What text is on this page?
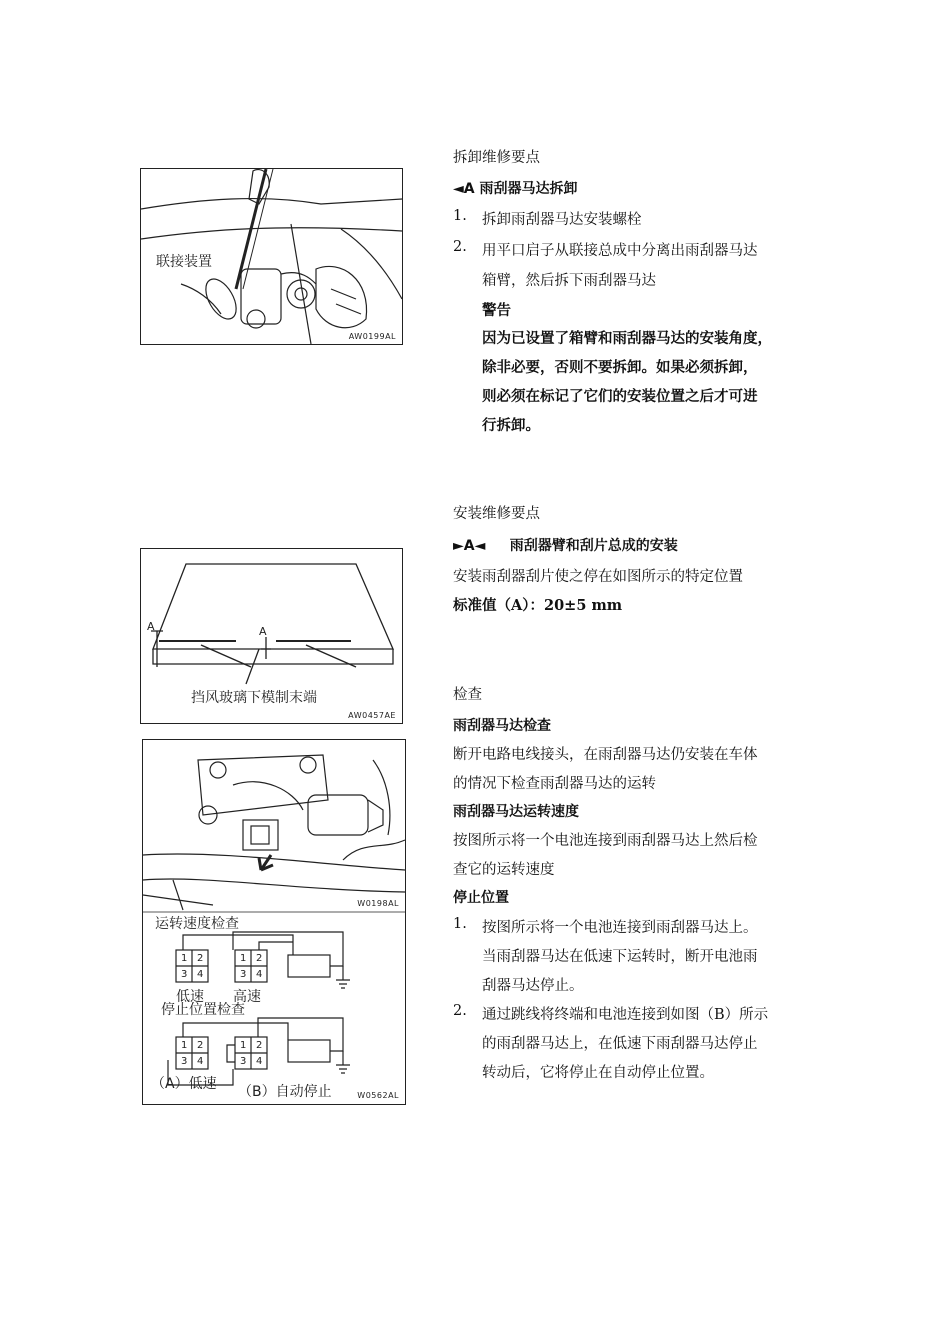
联接装置
AW0199AL
A	A
挡风玻璃下模制末端
AW0457AE
W0198AL
运转速度检查
1 2
3 4
1 2
3 4
低速 高速
停止位置检查
1 2
3 4
1 2
3 4
（A）低速 （B）自动停止	W0562AL
拆卸维修要点
◄A 雨刮器马达拆卸
1. 拆卸雨刮器马达安装螺栓
2. 用平口启子从联接总成中分离出雨刮器马达
箱臂，然后拆下雨刮器马达
警告
因为已设置了箱臂和雨刮器马达的安装角度，
除非必要，否则不要拆卸。如果必须拆卸，
则必须在标记了它们的安装位置之后才可进
行拆卸。
安装维修要点
►A◄     雨刮器臂和刮片总成的安装
安装雨刮器刮片使之停在如图所示的特定位置
标准值（A）：20±5 mm
检查
雨刮器马达检查
断开电路电线接头，在雨刮器马达仍安装在车体
的情况下检查雨刮器马达的运转
雨刮器马达运转速度
按图所示将一个电池连接到雨刮器马达上然后检
查它的运转速度
停止位置
1. 按图所示将一个电池连接到雨刮器马达上。
当雨刮器马达在低速下运转时，断开电池雨
刮器马达停止。
2. 通过跳线将终端和电池连接到如图（B）所示
的雨刮器马达上，在低速下雨刮器马达停止
转动后，它将停止在自动停止位置。
